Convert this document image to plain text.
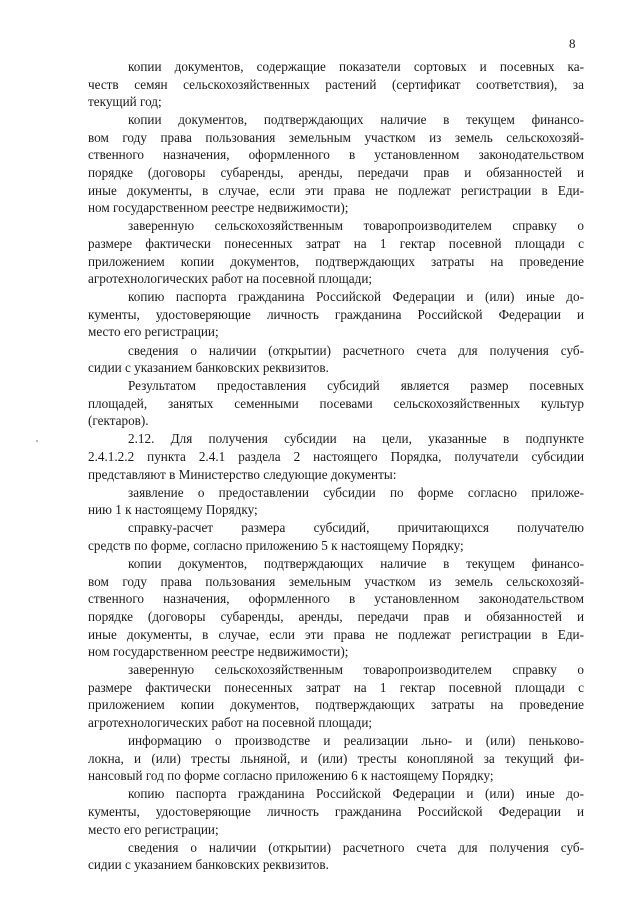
8
копии документов, содержащие показатели сортовых и посевных ка-
честв семян сельскохозяйственных растений (сертификат соответствия), за
текущий год;
копии документов, подтверждающих наличие в текущем финансо-
вом году права пользования земельным участком из земель сельскохозяй-
ственного назначения, оформленного в установленном законодательством
порядке (договоры субаренды, аренды, передачи прав и обязанностей и
иные документы, в случае, если эти права не подлежат регистрации в Еди-
ном государственном реестре недвижимости);
заверенную сельскохозяйственным товаропроизводителем справку о
размере фактически понесенных затрат на 1 гектар посевной площади с
приложением копии документов, подтверждающих затраты на проведение
агротехнологических работ на посевной площади;
копию паспорта гражданина Российской Федерации и (или) иные до-
кументы, удостоверяющие личность гражданина Российской Федерации и
место его регистрации;
сведения о наличии (открытии) расчетного счета для получения суб-
сидии с указанием банковских реквизитов.
Результатом предоставления субсидий является размер посевных
площадей, занятых семенными посевами сельскохозяйственных культур
(гектаров).
2.12. Для получения субсидии на цели, указанные в подпункте
2.4.1.2.2 пункта 2.4.1 раздела 2 настоящего Порядка, получатели субсидии
представляют в Министерство следующие документы:
заявление о предоставлении субсидии по форме согласно приложе-
нию 1 к настоящему Порядку;
справку-расчет размера субсидий, причитающихся получателю
средств по форме, согласно приложению 5 к настоящему Порядку;
копии документов, подтверждающих наличие в текущем финансо-
вом году права пользования земельным участком из земель сельскохозяй-
ственного назначения, оформленного в установленном законодательством
порядке (договоры субаренды, аренды, передачи прав и обязанностей и
иные документы, в случае, если эти права не подлежат регистрации в Еди-
ном государственном реестре недвижимости);
заверенную сельскохозяйственным товаропроизводителем справку о
размере фактически понесенных затрат на 1 гектар посевной площади с
приложением копии документов, подтверждающих затраты на проведение
агротехнологических работ на посевной площади;
информацию о производстве и реализации льно- и (или) пеньково-
локна, и (или) тресты льняной, и (или) тресты конопляной за текущий фи-
нансовый год по форме согласно приложению 6 к настоящему Порядку;
копию паспорта гражданина Российской Федерации и (или) иные до-
кументы, удостоверяющие личность гражданина Российской Федерации и
место его регистрации;
сведения о наличии (открытии) расчетного счета для получения суб-
сидии с указанием банковских реквизитов.
